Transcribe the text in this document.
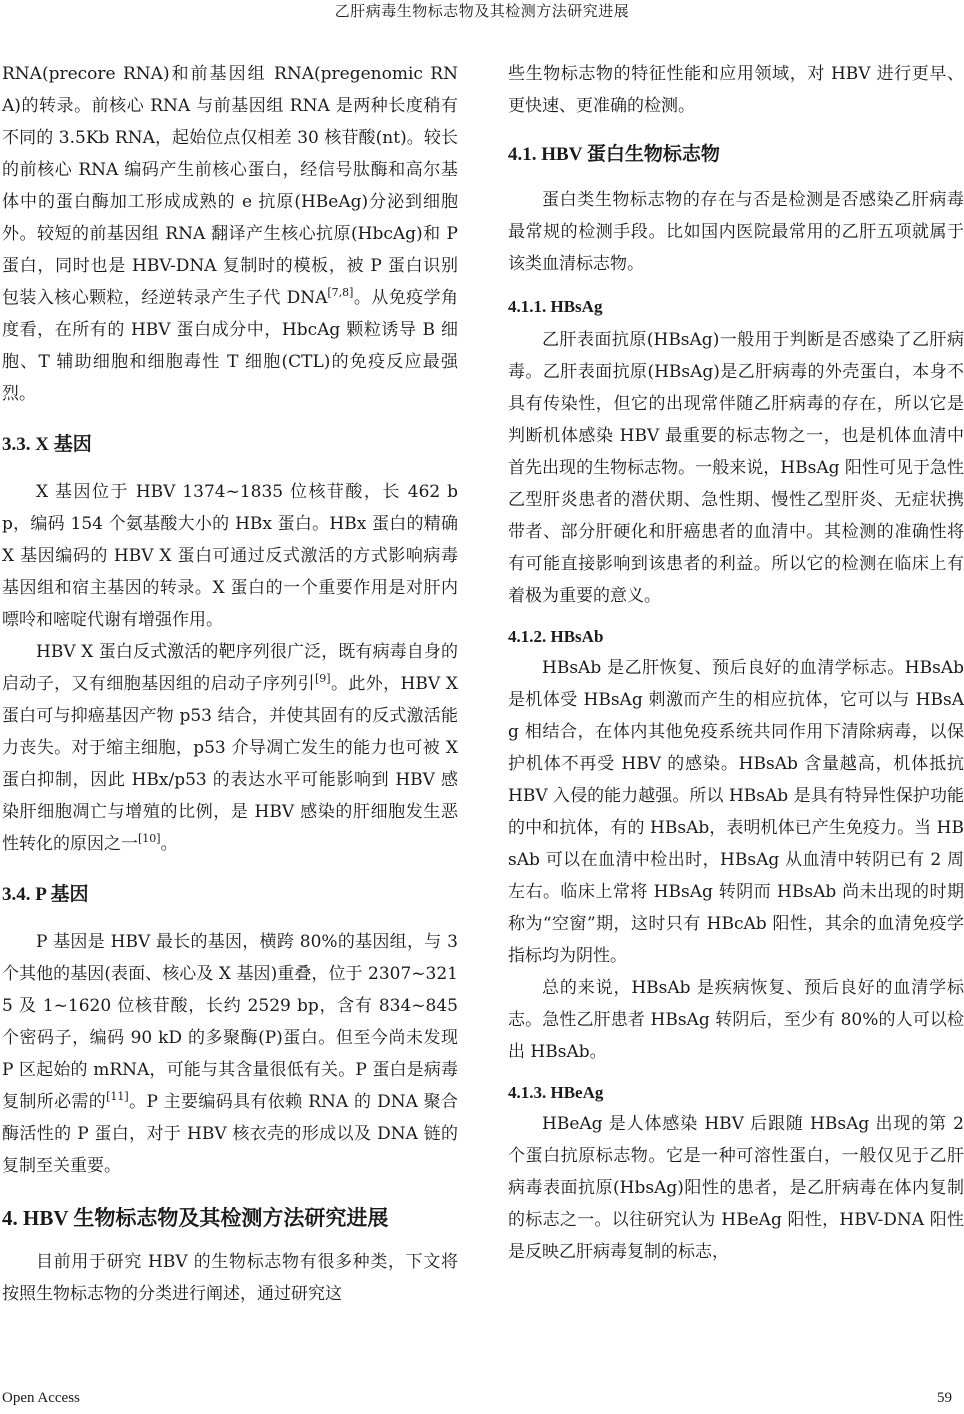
乙肝病毒生物标志物及其检测方法研究进展

RNA(precore RNA)和前基因组 RNA(pregenomic RNA)的转录。前核心 RNA 与前基因组 RNA 是两种长度稍有不同的 3.5Kb RNA，起始位点仅相差 30 核苷酸(nt)。较长的前核心 RNA 编码产生前核心蛋白，经信号肽酶和高尔基体中的蛋白酶加工形成成熟的 e 抗原(HBeAg)分泌到细胞外。较短的前基因组 RNA 翻译产生核心抗原(HbcAg)和 P 蛋白，同时也是 HBV-DNA 复制时的模板，被 P 蛋白识别包装入核心颗粒，经逆转录产生子代 DNA[7,8]。从免疫学角度看，在所有的 HBV 蛋白成分中，HbcAg 颗粒诱导 B 细胞、T 辅助细胞和细胞毒性 T 细胞(CTL)的免疫反应最强烈。

3.3. X 基因

X 基因位于 HBV 1374~1835 位核苷酸，长 462 bp，编码 154 个氨基酸大小的 HBx 蛋白。HBx 蛋白的精确 X 基因编码的 HBV X 蛋白可通过反式激活的方式影响病毒基因组和宿主基因的转录。X 蛋白的一个重要作用是对肝内嘌呤和嘧啶代谢有增强作用。

HBV X 蛋白反式激活的靶序列很广泛，既有病毒自身的启动子，又有细胞基因组的启动子序列引[9]。此外，HBV X 蛋白可与抑癌基因产物 p53 结合，并使其固有的反式激活能力丧失。对于缩主细胞，p53 介导凋亡发生的能力也可被 X 蛋白抑制，因此 HBx/p53 的表达水平可能影响到 HBV 感染肝细胞凋亡与增殖的比例，是 HBV 感染的肝细胞发生恶性转化的原因之一[10]。

3.4. P 基因

P 基因是 HBV 最长的基因，横跨 80%的基因组，与 3 个其他的基因(表面、核心及 X 基因)重叠，位于 2307~3215 及 1~1620 位核苷酸，长约 2529 bp，含有 834~845 个密码子，编码 90 kD 的多聚酶(P)蛋白。但至今尚未发现 P 区起始的 mRNA，可能与其含量很低有关。P 蛋白是病毒复制所必需的[11]。P 主要编码具有依赖 RNA 的 DNA 聚合酶活性的 P 蛋白，对于 HBV 核衣壳的形成以及 DNA 链的复制至关重要。

4. HBV 生物标志物及其检测方法研究进展

目前用于研究 HBV 的生物标志物有很多种类，下文将按照生物标志物的分类进行阐述，通过研究这

些生物标志物的特征性能和应用领域，对 HBV 进行更早、更快速、更准确的检测。

4.1. HBV 蛋白生物标志物

蛋白类生物标志物的存在与否是检测是否感染乙肝病毒最常规的检测手段。比如国内医院最常用的乙肝五项就属于该类血清标志物。

4.1.1. HBsAg

乙肝表面抗原(HBsAg)一般用于判断是否感染了乙肝病毒。乙肝表面抗原(HBsAg)是乙肝病毒的外壳蛋白，本身不具有传染性，但它的出现常伴随乙肝病毒的存在，所以它是判断机体感染 HBV 最重要的标志物之一，也是机体血清中首先出现的生物标志物。一般来说，HBsAg 阳性可见于急性乙型肝炎患者的潜伏期、急性期、慢性乙型肝炎、无症状携带者、部分肝硬化和肝癌患者的血清中。其检测的准确性将有可能直接影响到该患者的利益。所以它的检测在临床上有着极为重要的意义。

4.1.2. HBsAb

HBsAb 是乙肝恢复、预后良好的血清学标志。HBsAb 是机体受 HBsAg 刺激而产生的相应抗体，它可以与 HBsAg 相结合，在体内其他免疫系统共同作用下清除病毒，以保护机体不再受 HBV 的感染。HBsAb 含量越高，机体抵抗 HBV 入侵的能力越强。所以 HBsAb 是具有特异性保护功能的中和抗体，有的 HBsAb，表明机体已产生免疫力。当 HBsAb 可以在血清中检出时，HBsAg 从血清中转阴已有 2 周左右。临床上常将 HBsAg 转阴而 HBsAb 尚未出现的时期称为“空窗”期，这时只有 HBcAb 阳性，其余的血清免疫学指标均为阴性。

总的来说，HBsAb 是疾病恢复、预后良好的血清学标志。急性乙肝患者 HBsAg 转阴后，至少有 80%的人可以检出 HBsAb。

4.1.3. HBeAg

HBeAg 是人体感染 HBV 后跟随 HBsAg 出现的第 2 个蛋白抗原标志物。它是一种可溶性蛋白，一般仅见于乙肝病毒表面抗原(HbsAg)阳性的患者，是乙肝病毒在体内复制的标志之一。以往研究认为 HBeAg 阳性，HBV-DNA 阳性是反映乙肝病毒复制的标志，

Open Access	59
